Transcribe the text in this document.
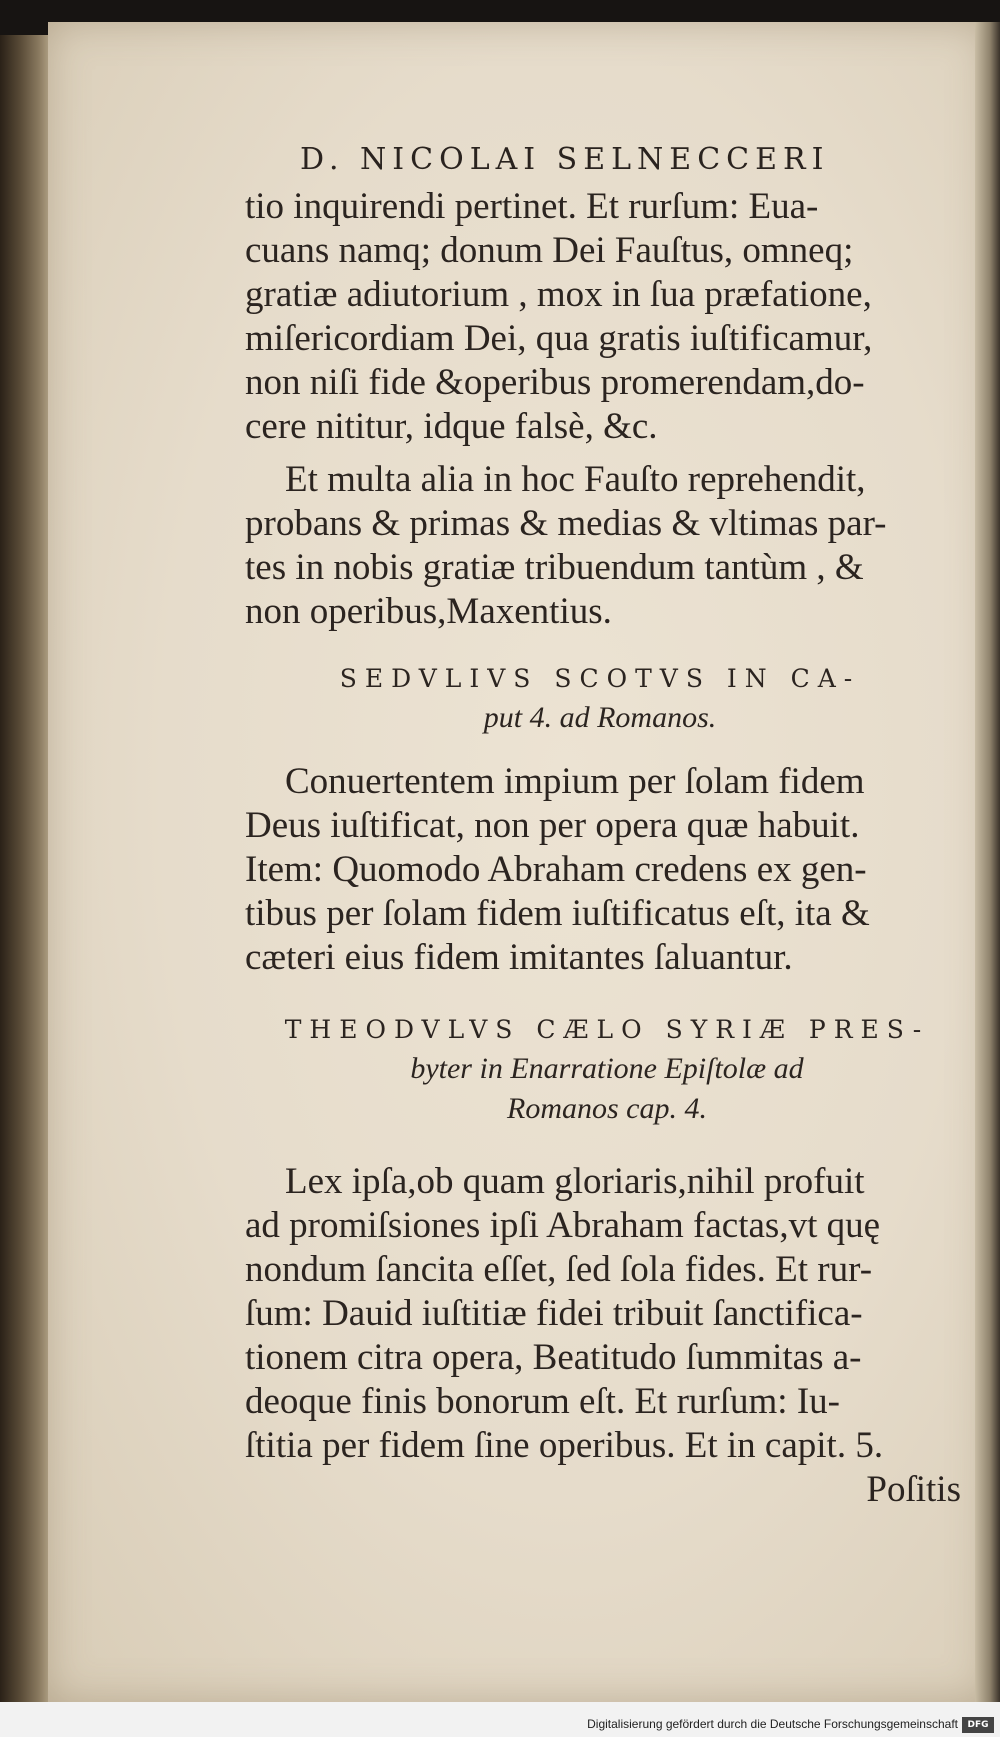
D. NICOLAI SELNECCERI
tio inquirendi pertinet. Et rurſum: Eua-
cuans namq; donum Dei Fauſtus, omneq;
gratiæ adiutorium , mox in ſua præfatione,
miſericordiam Dei, qua gratis iuſtificamur,
non niſi fide &operibus promerendam,do-
cere nititur, idque falsè, &c.
Et multa alia in hoc Fauſto reprehendit,
probans & primas & medias & vltimas par-
tes in nobis gratiæ tribuendum tantùm , &
non operibus,Maxentius.
SEDVLIVS SCOTVS IN CA-
put 4. ad Romanos.
Conuertentem impium per ſolam fidem
Deus iuſtificat, non per opera quæ habuit.
Item: Quomodo Abraham credens ex gen-
tibus per ſolam fidem iuſtificatus eſt, ita &
cæteri eius fidem imitantes ſaluantur.
THEODVLVS CÆLO SYRIÆ PRES-
byter in Enarratione Epiſtolæ ad
Romanos cap. 4.
Lex ipſa,ob quam gloriaris,nihil profuit
ad promiſsiones ipſi Abraham factas,vt quę
nondum ſancita eſſet, ſed ſola fides. Et rur-
ſum: Dauid iuſtitiæ fidei tribuit ſanctifica-
tionem citra opera, Beatitudo ſummitas a-
deoque finis bonorum eſt. Et rurſum: Iu-
ſtitia per fidem ſine operibus. Et in capit. 5.
Poſitis
Digitalisierung gefördert durch die Deutsche Forschungsgemeinschaft	DFG
